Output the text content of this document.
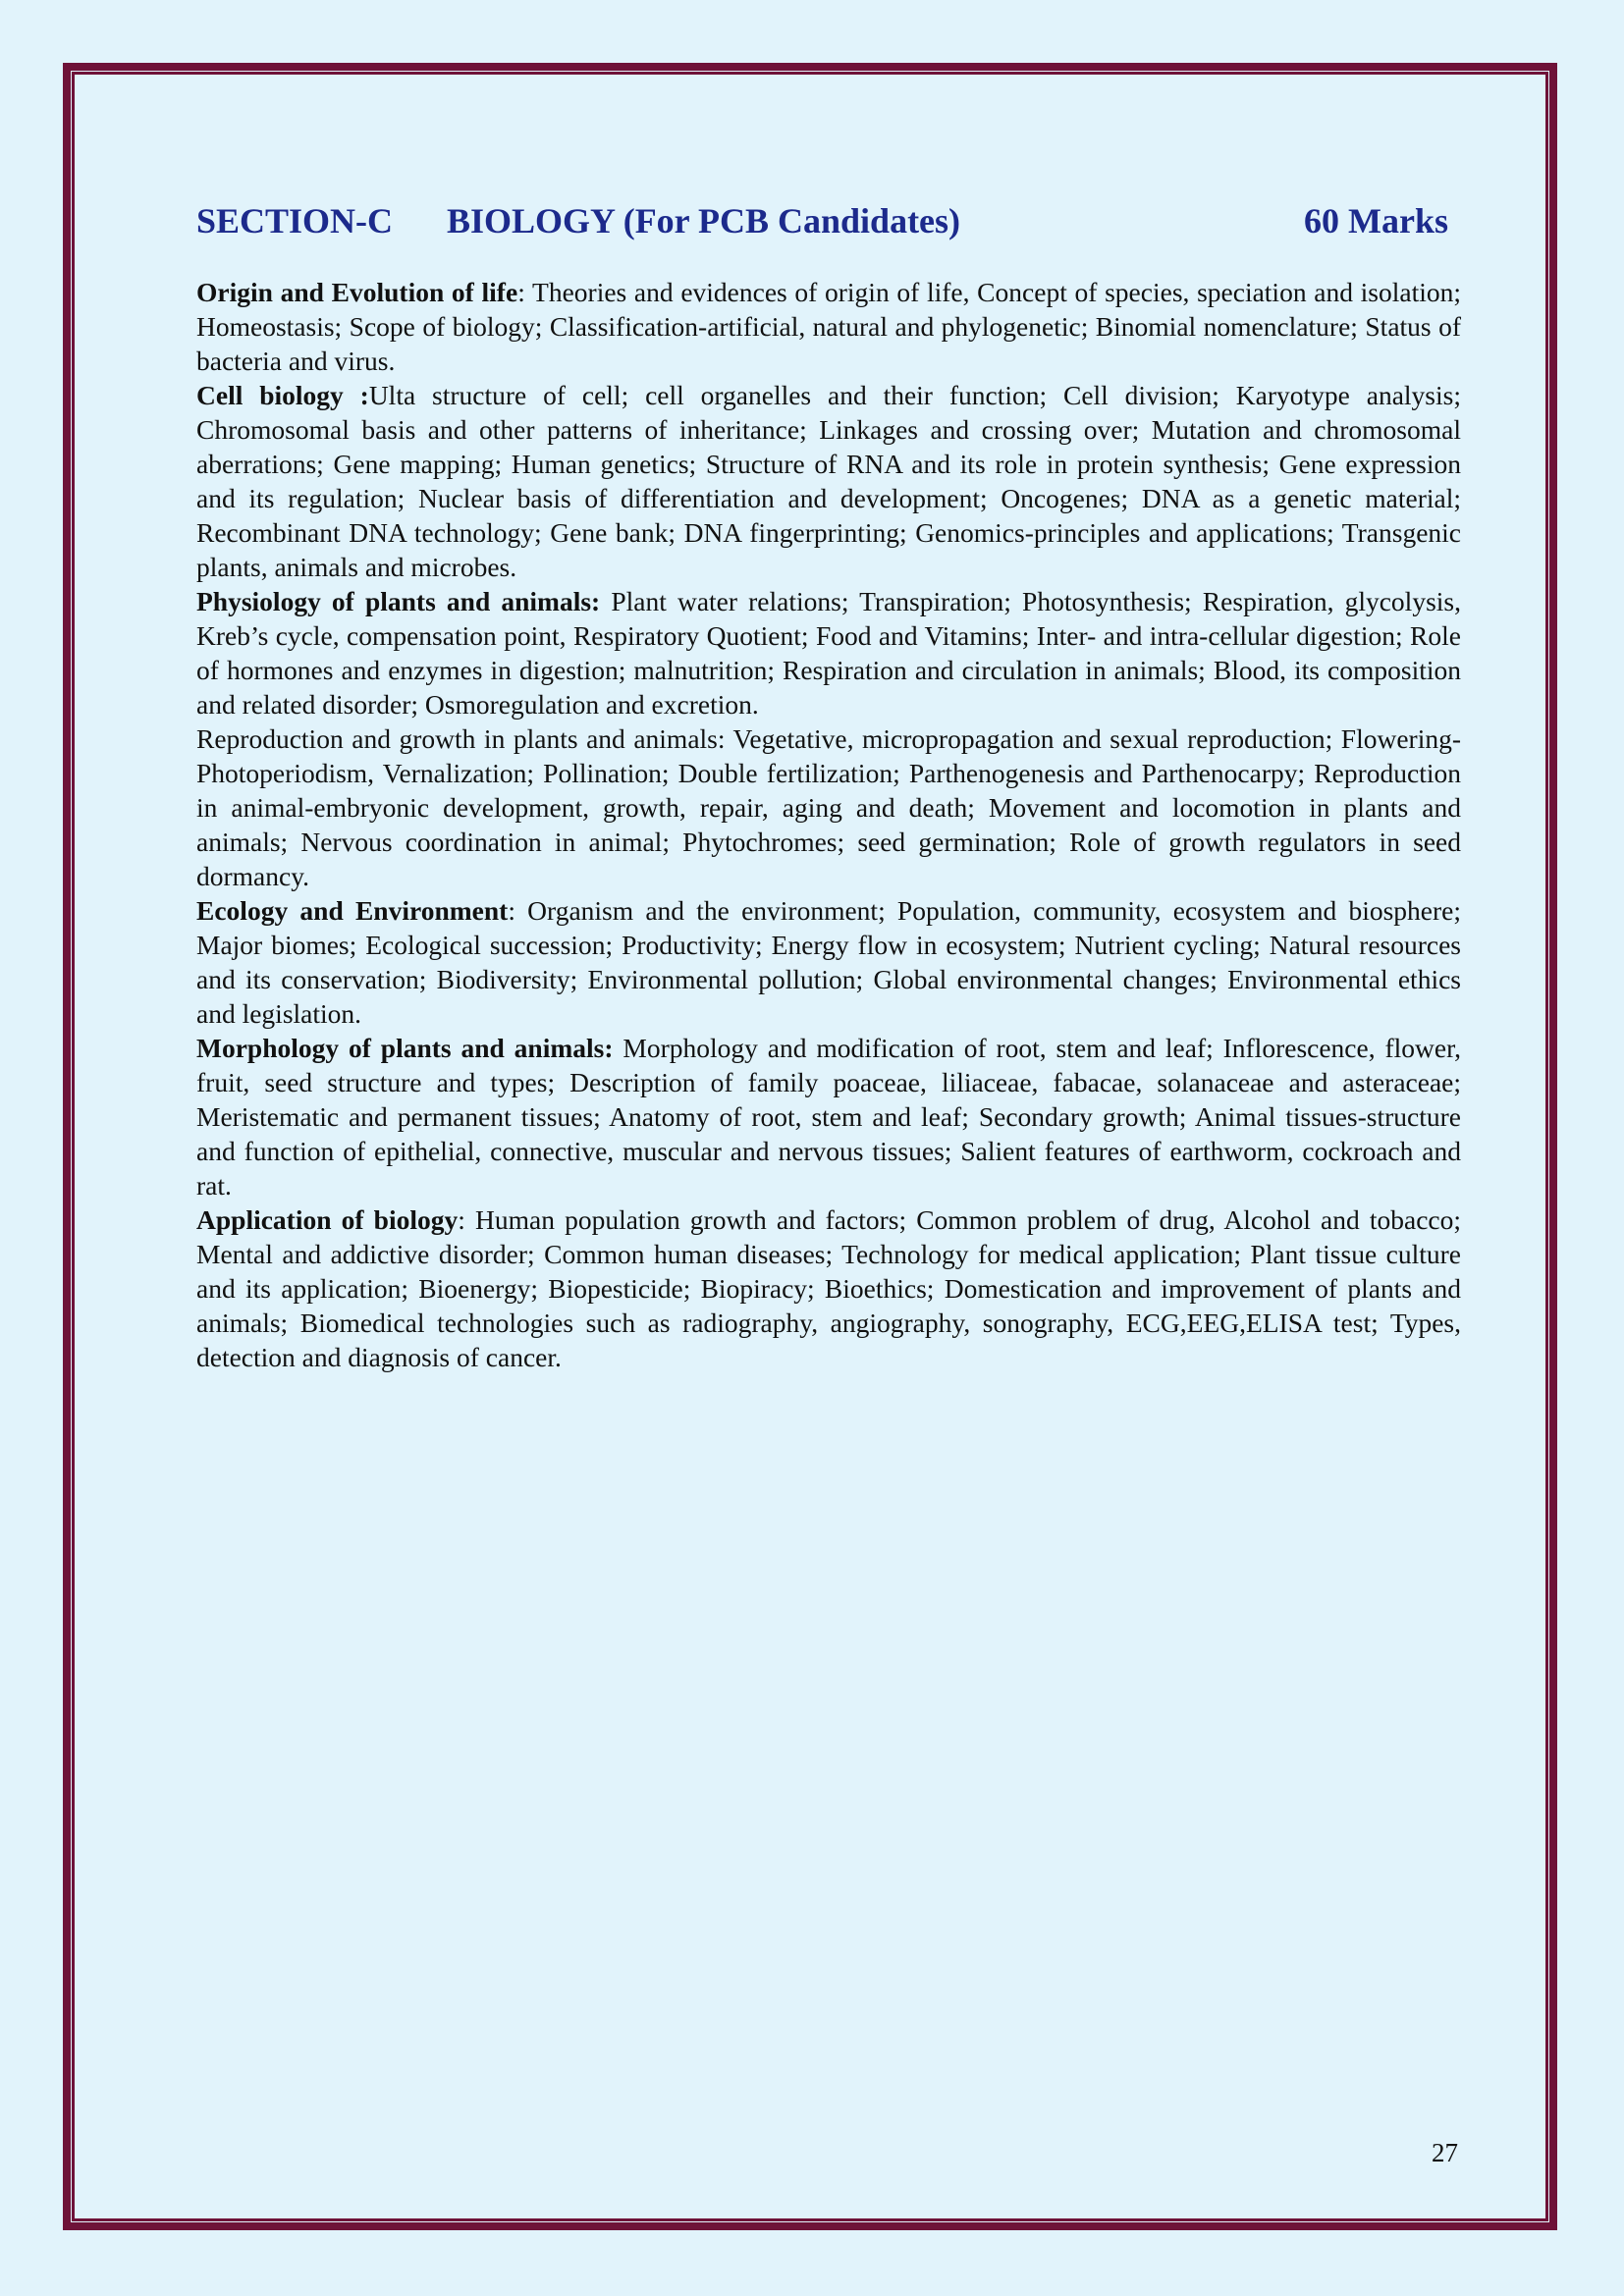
SECTION-C BIOLOGY (For PCB Candidates)	60 Marks

Origin and Evolution of life: Theories and evidences of origin of life, Concept of species, speciation and isolation; Homeostasis; Scope of biology; Classification-artificial, natural and phylogenetic; Binomial nomenclature; Status of bacteria and virus.

Cell biology :Ulta structure of cell; cell organelles and their function; Cell division; Karyotype analysis; Chromosomal basis and other patterns of inheritance; Linkages and crossing over; Mutation and chromosomal aberrations; Gene mapping; Human genetics; Structure of RNA and its role in protein synthesis; Gene expression and its regulation; Nuclear basis of differentiation and development; Oncogenes; DNA as a genetic material; Recombinant DNA technology; Gene bank; DNA fingerprinting; Genomics-principles and applications; Transgenic plants, animals and microbes.

Physiology of plants and animals: Plant water relations; Transpiration; Photosynthesis; Respiration, glycolysis, Kreb’s cycle, compensation point, Respiratory Quotient; Food and Vitamins; Inter- and intra-cellular digestion; Role of hormones and enzymes in digestion; malnutrition; Respiration and circulation in animals; Blood, its composition and related disorder; Osmoregulation and excretion.

Reproduction and growth in plants and animals: Vegetative, micropropagation and sexual reproduction; Flowering-Photoperiodism, Vernalization; Pollination; Double fertilization; Parthenogenesis and Parthenocarpy; Reproduction in animal-embryonic development, growth, repair, aging and death; Movement and locomotion in plants and animals; Nervous coordination in animal; Phytochromes; seed germination; Role of growth regulators in seed dormancy.

Ecology and Environment: Organism and the environment; Population, community, ecosystem and biosphere; Major biomes; Ecological succession; Productivity; Energy flow in ecosystem; Nutrient cycling; Natural resources and its conservation; Biodiversity; Environmental pollution; Global environmental changes; Environmental ethics and legislation.

Morphology of plants and animals: Morphology and modification of root, stem and leaf; Inflorescence, flower, fruit, seed structure and types; Description of family poaceae, liliaceae, fabacae, solanaceae and asteraceae; Meristematic and permanent tissues; Anatomy of root, stem and leaf; Secondary growth; Animal tissues-structure and function of epithelial, connective, muscular and nervous tissues; Salient features of earthworm, cockroach and rat.

Application of biology: Human population growth and factors; Common problem of drug, Alcohol and tobacco; Mental and addictive disorder; Common human diseases; Technology for medical application; Plant tissue culture and its application; Bioenergy; Biopesticide; Biopiracy; Bioethics; Domestication and improvement of plants and animals; Biomedical technologies such as radiography, angiography, sonography, ECG,EEG,ELISA test; Types, detection and diagnosis of cancer.

27
